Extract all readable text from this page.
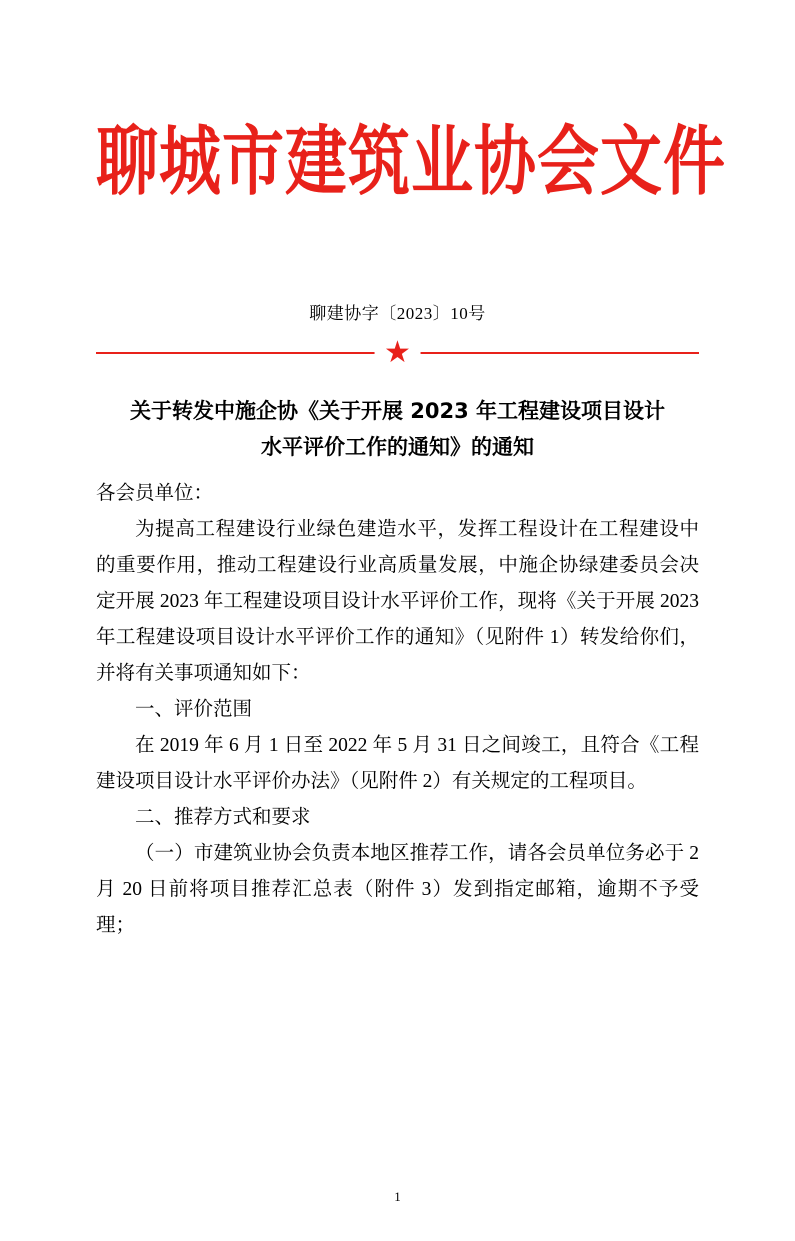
聊城市建筑业协会文件
聊建协字〔2023〕10号
★
关于转发中施企协《关于开展 2023 年工程建设项目设计
水平评价工作的通知》的通知

各会员单位：

为提高工程建设行业绿色建造水平，发挥工程设计在工程建设中的重要作用，推动工程建设行业高质量发展，中施企协绿建委员会决定开展 2023 年工程建设项目设计水平评价工作，现将《关于开展 2023 年工程建设项目设计水平评价工作的通知》（见附件 1）转发给你们，并将有关事项通知如下：

一、评价范围

在 2019 年 6 月 1 日至 2022 年 5 月 31 日之间竣工，且符合《工程建设项目设计水平评价办法》（见附件 2）有关规定的工程项目。

二、推荐方式和要求

（一）市建筑业协会负责本地区推荐工作，请各会员单位务必于 2 月 20 日前将项目推荐汇总表（附件 3）发到指定邮箱，逾期不予受理；

1
